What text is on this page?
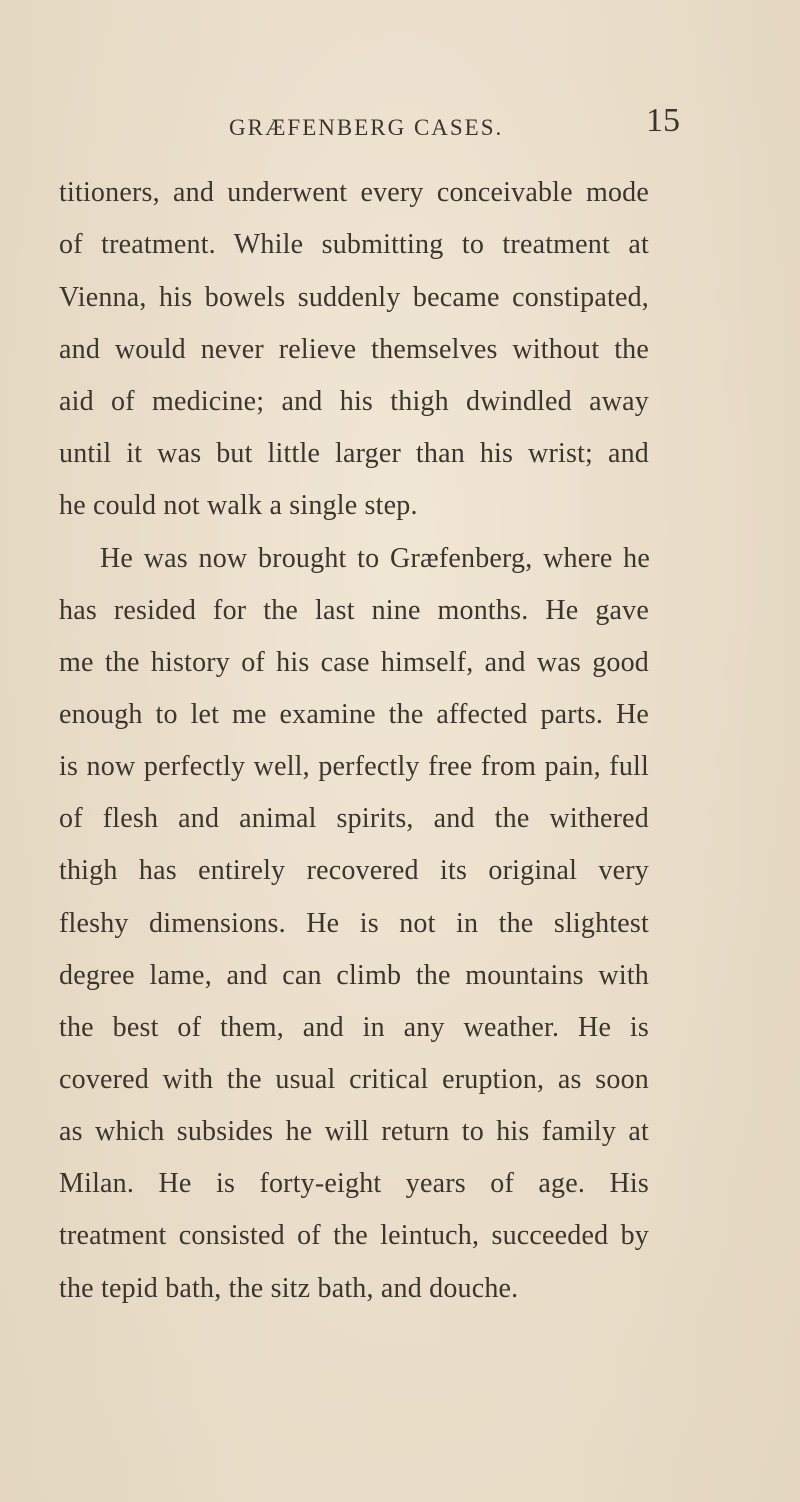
GRÆFENBERG CASES.	15
titioners, and underwent every conceivable mode
of treatment. While submitting to treatment at
Vienna, his bowels suddenly became constipated,
and would never relieve themselves without the
aid of medicine; and his thigh dwindled away
until it was but little larger than his wrist; and
he could not walk a single step.
He was now brought to Græfenberg, where he
has resided for the last nine months. He gave
me the history of his case himself, and was good
enough to let me examine the affected parts. He
is now perfectly well, perfectly free from pain, full
of flesh and animal spirits, and the withered
thigh has entirely recovered its original very
fleshy dimensions. He is not in the slightest
degree lame, and can climb the mountains with
the best of them, and in any weather. He is
covered with the usual critical eruption, as soon
as which subsides he will return to his family at
Milan. He is forty-eight years of age. His
treatment consisted of the leintuch, succeeded by
the tepid bath, the sitz bath, and douche.
